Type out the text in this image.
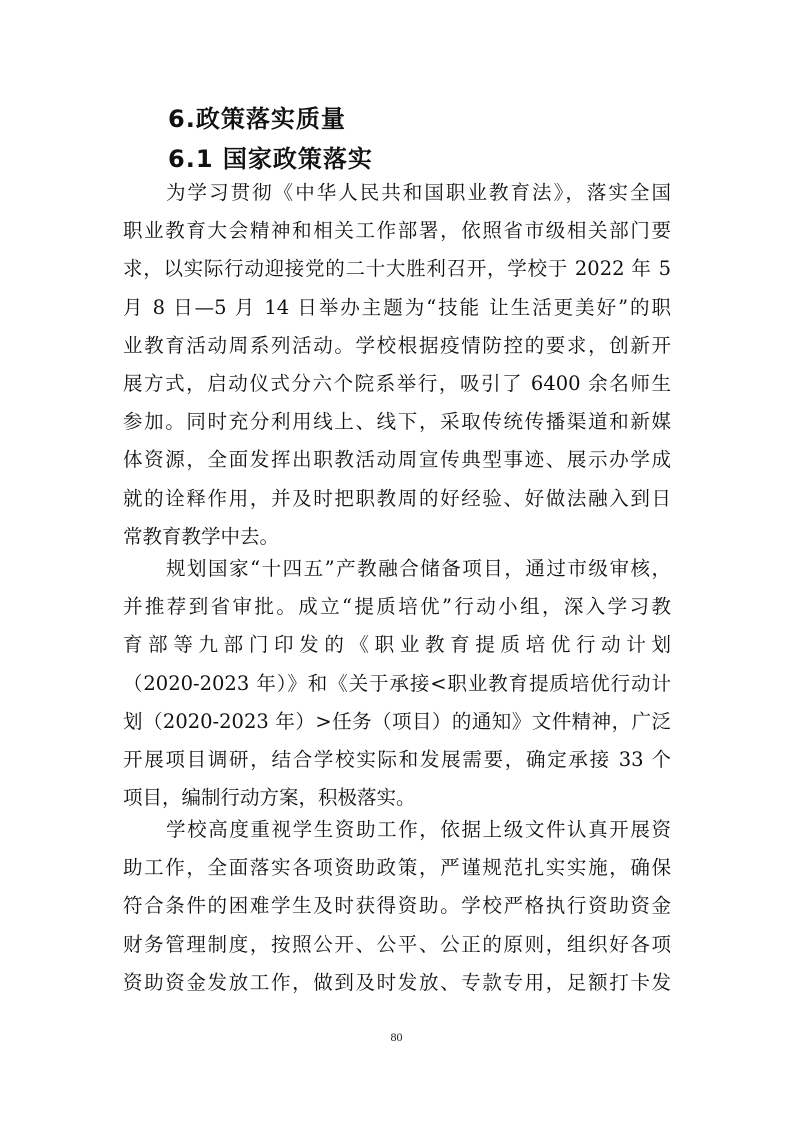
6.政策落实质量
6.1 国家政策落实
为学习贯彻《中华人民共和国职业教育法》，落实全国
职业教育大会精神和相关工作部署，依照省市级相关部门要
求，以实际行动迎接党的二十大胜利召开，学校于 2022 年 5
月 8 日—5 月 14 日举办主题为“技能 让生活更美好”的职
业教育活动周系列活动。学校根据疫情防控的要求，创新开
展方式，启动仪式分六个院系举行，吸引了 6400 余名师生
参加。同时充分利用线上、线下，采取传统传播渠道和新媒
体资源，全面发挥出职教活动周宣传典型事迹、展示办学成
就的诠释作用，并及时把职教周的好经验、好做法融入到日
常教育教学中去。
规划国家“十四五”产教融合储备项目，通过市级审核，
并推荐到省审批。成立“提质培优”行动小组，深入学习教
育部等九部门印发的《职业教育提质培优行动计划
（2020-2023 年）》和《关于承接<职业教育提质培优行动计
划（2020-2023 年）>任务（项目）的通知》文件精神，广泛
开展项目调研，结合学校实际和发展需要，确定承接 33 个
项目，编制行动方案，积极落实。
学校高度重视学生资助工作，依据上级文件认真开展资
助工作，全面落实各项资助政策，严谨规范扎实实施，确保
符合条件的困难学生及时获得资助。学校严格执行资助资金
财务管理制度，按照公开、公平、公正的原则，组织好各项
资助资金发放工作，做到及时发放、专款专用，足额打卡发
80
